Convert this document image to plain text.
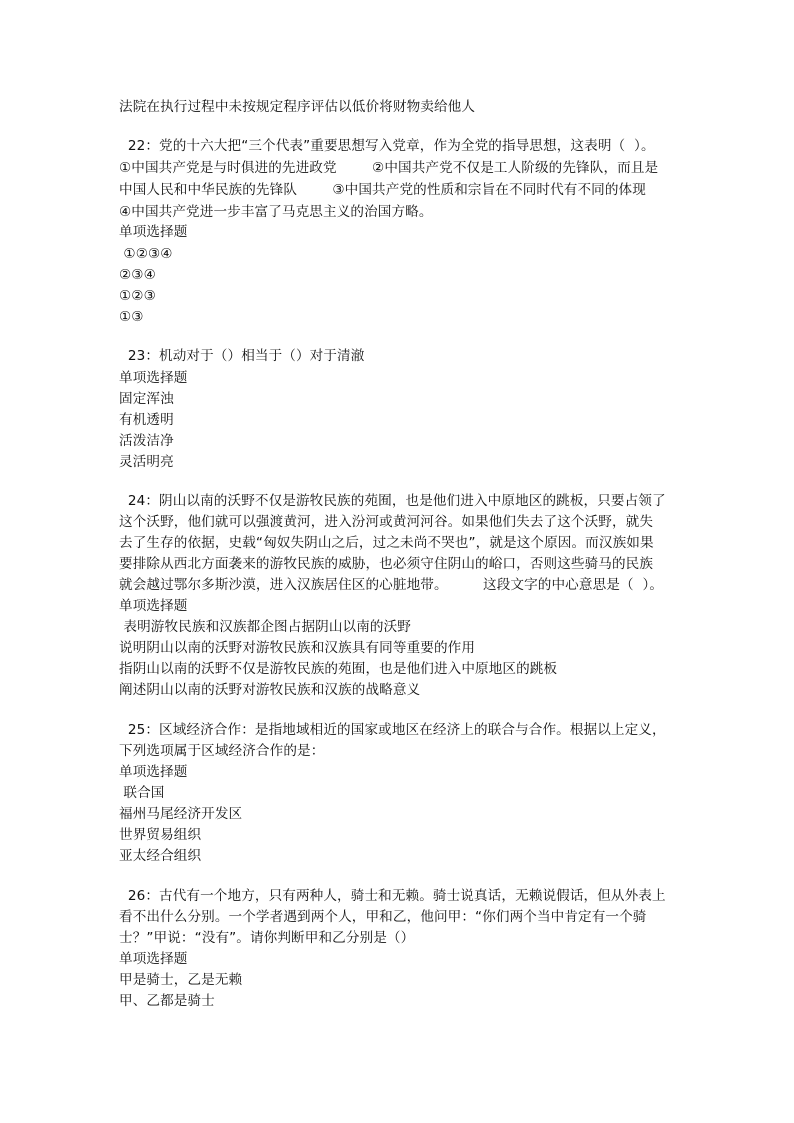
法院在执行过程中未按规定程序评估以低价将财物卖给他人
22：党的十六大把“三个代表”重要思想写入党章，作为全党的指导思想，这表明（  ）。
①中国共产党是与时俱进的先进政党        ②中国共产党不仅是工人阶级的先锋队，而且是
中国人民和中华民族的先锋队        ③中国共产党的性质和宗旨在不同时代有不同的体现
④中国共产党进一步丰富了马克思主义的治国方略。
单项选择题
①②③④
②③④
①②③
①③
23：机动对于（）相当于（）对于清澈
单项选择题
固定浑浊
有机透明
活泼洁净
灵活明亮
24：阴山以南的沃野不仅是游牧民族的苑囿，也是他们进入中原地区的跳板，只要占领了
这个沃野，他们就可以强渡黄河，进入汾河或黄河河谷。如果他们失去了这个沃野，就失
去了生存的依据，史载“匈奴失阴山之后，过之未尚不哭也”，就是这个原因。而汉族如果
要排除从西北方面袭来的游牧民族的威胁，也必须守住阴山的峪口，否则这些骑马的民族
就会越过鄂尔多斯沙漠，进入汉族居住区的心脏地带。        这段文字的中心意思是（  ）。
单项选择题
表明游牧民族和汉族都企图占据阴山以南的沃野
说明阴山以南的沃野对游牧民族和汉族具有同等重要的作用
指阴山以南的沃野不仅是游牧民族的苑囿，也是他们进入中原地区的跳板
阐述阴山以南的沃野对游牧民族和汉族的战略意义
25：区域经济合作：是指地域相近的国家或地区在经济上的联合与合作。根据以上定义，
下列选项属于区域经济合作的是：
单项选择题
联合国
福州马尾经济开发区
世界贸易组织
亚太经合组织
26：古代有一个地方，只有两种人，骑士和无赖。骑士说真话，无赖说假话，但从外表上
看不出什么分别。一个学者遇到两个人，甲和乙，他问甲：“你们两个当中肯定有一个骑
士？”甲说：“没有”。请你判断甲和乙分别是（）
单项选择题
甲是骑士，乙是无赖
甲、乙都是骑士
